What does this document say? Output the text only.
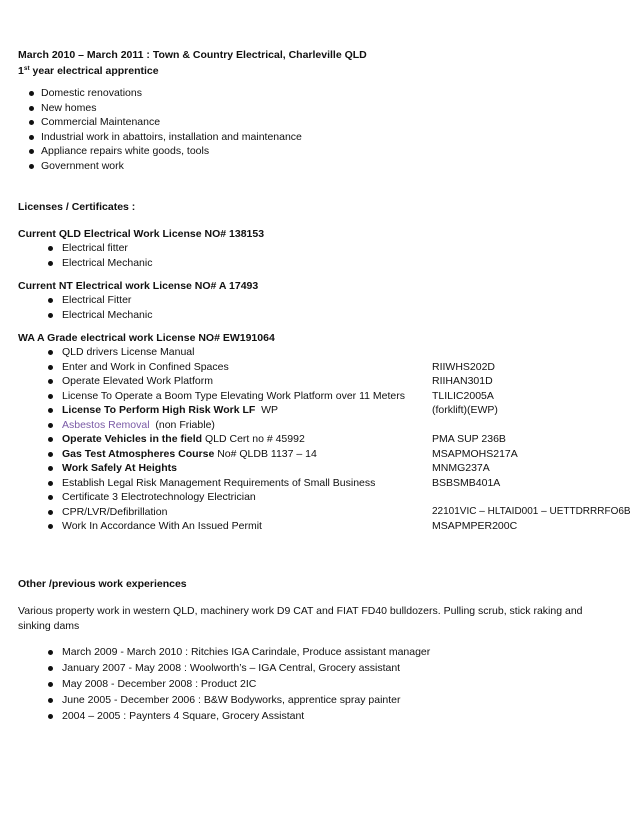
March 2010 – March 2011 : Town & Country Electrical, Charleville QLD
1st year electrical apprentice
Domestic renovations
New homes
Commercial Maintenance
Industrial work in abattoirs, installation and maintenance
Appliance repairs white goods, tools
Government work
Licenses / Certificates :
Current QLD Electrical Work License NO# 138153
Electrical fitter
Electrical Mechanic
Current NT Electrical work License NO# A 17493
Electrical Fitter
Electrical Mechanic
WA A Grade electrical work License NO# EW191064
QLD drivers License Manual
Enter and Work in Confined Spaces	RIIWHS202D
Operate Elevated Work Platform	RIIHAN301D
License To Operate a Boom Type Elevating Work Platform over 11 Meters	TLILIC2005A
License To Perform High Risk Work LF  WP	(forklift)(EWP)
Asbestos Removal  (non Friable)
Operate Vehicles in the field QLD Cert no # 45992	PMA SUP 236B
Gas Test Atmospheres Course No# QLDB 1137 – 14	MSAPMOHS217A
Work Safely At Heights	MNMG237A
Establish Legal Risk Management Requirements of Small Business	BSBSMB401A
Certificate 3 Electrotechnology Electrician
CPR/LVR/Defibrillation	22101VIC – HLTAID001 – UETTDRRRFO6B
Work In Accordance With An Issued Permit	MSAPMPER200C
Other /previous work experiences
Various property work in western QLD, machinery work D9 CAT and FIAT FD40 bulldozers. Pulling scrub, stick raking and sinking dams
March 2009 - March 2010 : Ritchies IGA Carindale, Produce assistant manager
January 2007 - May 2008 : Woolworth’s – IGA Central, Grocery assistant
May 2008 - December 2008 : Product 2IC
June 2005 - December 2006 : B&W Bodyworks, apprentice spray painter
2004 – 2005 : Paynters 4 Square, Grocery Assistant
